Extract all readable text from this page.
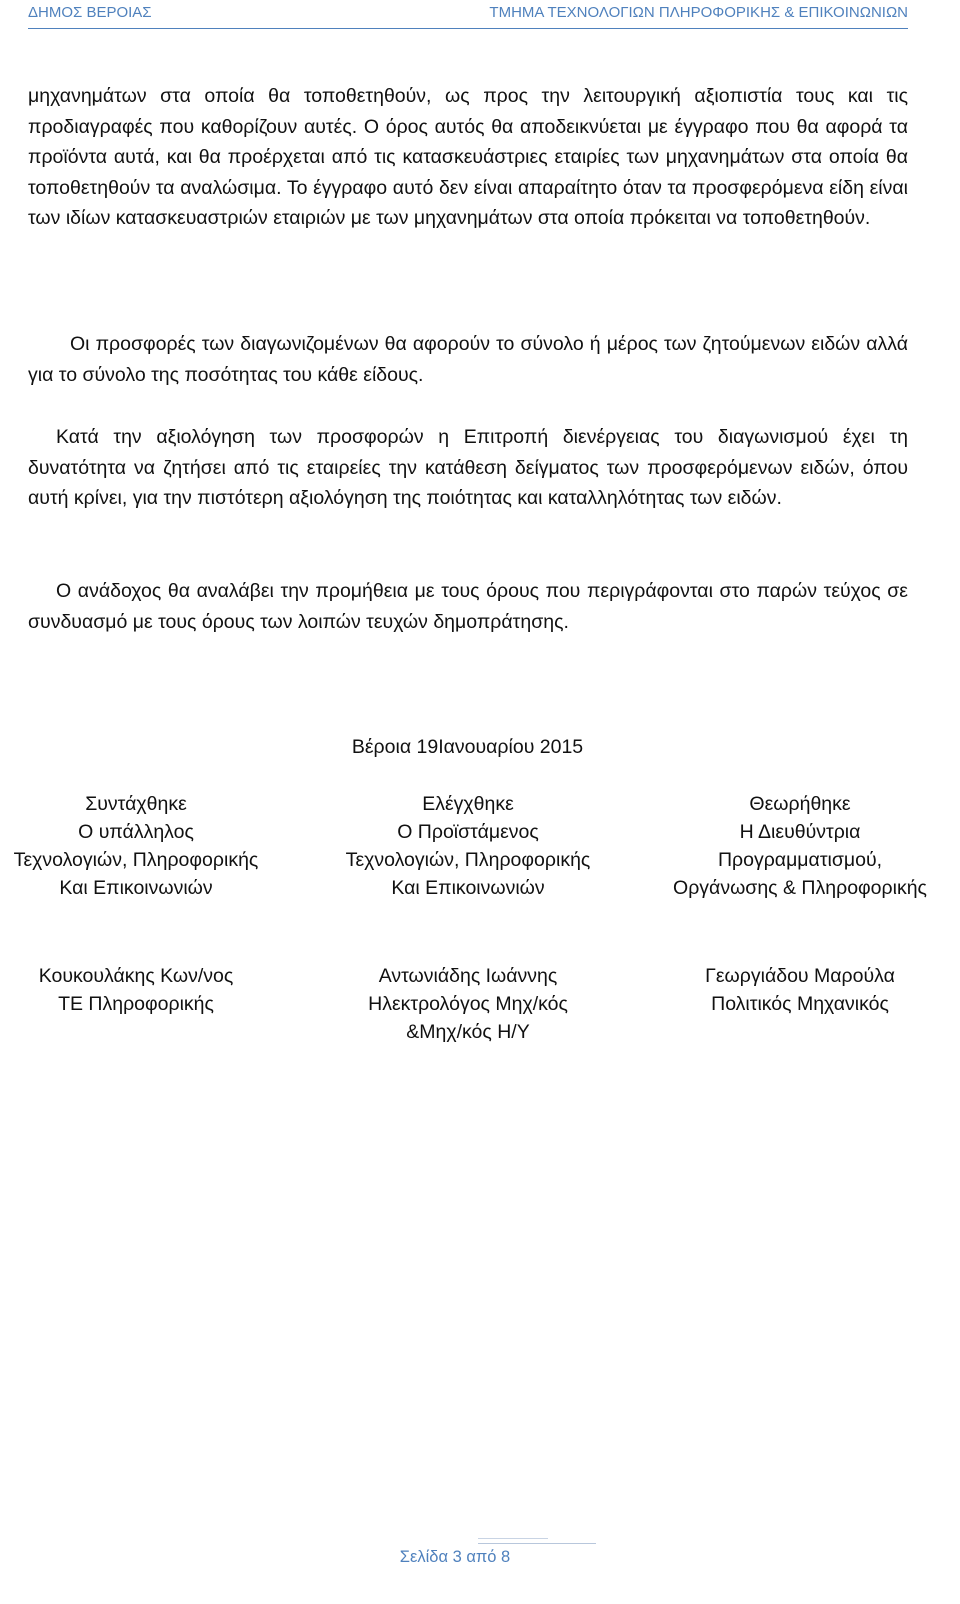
ΔΗΜΟΣ ΒΕΡΟΙΑΣ	ΤΜΗΜΑ ΤΕΧΝΟΛΟΓΙΩΝ ΠΛΗΡΟΦΟΡΙΚΗΣ & ΕΠΙΚΟΙΝΩΝΙΩΝ
μηχανημάτων στα οποία θα τοποθετηθούν, ως προς την λειτουργική αξιοπιστία τους και τις προδιαγραφές που καθορίζουν αυτές. Ο όρος αυτός θα αποδεικνύεται με έγγραφο που θα αφορά τα προϊόντα αυτά, και θα προέρχεται από τις κατασκευάστριες εταιρίες των μηχανημάτων στα οποία θα τοποθετηθούν τα αναλώσιμα. Το έγγραφο αυτό δεν είναι απαραίτητο όταν τα προσφερόμενα είδη είναι των ιδίων κατασκευαστριών εταιριών με των μηχανημάτων στα οποία πρόκειται να τοποθετηθούν.
Οι προσφορές των διαγωνιζομένων θα αφορούν το σύνολο ή μέρος των ζητούμενων ειδών αλλά για το σύνολο της ποσότητας του κάθε είδους.
Κατά την αξιολόγηση των προσφορών η Επιτροπή διενέργειας του διαγωνισμού έχει τη δυνατότητα να ζητήσει από τις εταιρείες την κατάθεση δείγματος των προσφερόμενων ειδών, όπου αυτή κρίνει, για την πιστότερη αξιολόγηση της ποιότητας και καταλληλότητας των ειδών.
Ο ανάδοχος θα αναλάβει την προμήθεια με τους όρους που περιγράφονται στο παρών τεύχος σε συνδυασμό με τους όρους των λοιπών τευχών δημοπράτησης.
Βέροια 19Ιανουαρίου 2015
Συντάχθηκε
Ο υπάλληλος
Τεχνολογιών, Πληροφορικής
Και Επικοινωνιών
Ελέγχθηκε
Ο Προϊστάμενος
Τεχνολογιών, Πληροφορικής
Και Επικοινωνιών
Θεωρήθηκε
Η Διευθύντρια
Προγραμματισμού,
Οργάνωσης & Πληροφορικής
Κουκουλάκης Κων/νος
ΤΕ Πληροφορικής
Αντωνιάδης Ιωάννης
Ηλεκτρολόγος Μηχ/κός
&Μηχ/κός Η/Υ
Γεωργιάδου Μαρούλα
Πολιτικός Μηχανικός
Σελίδα 3 από 8
